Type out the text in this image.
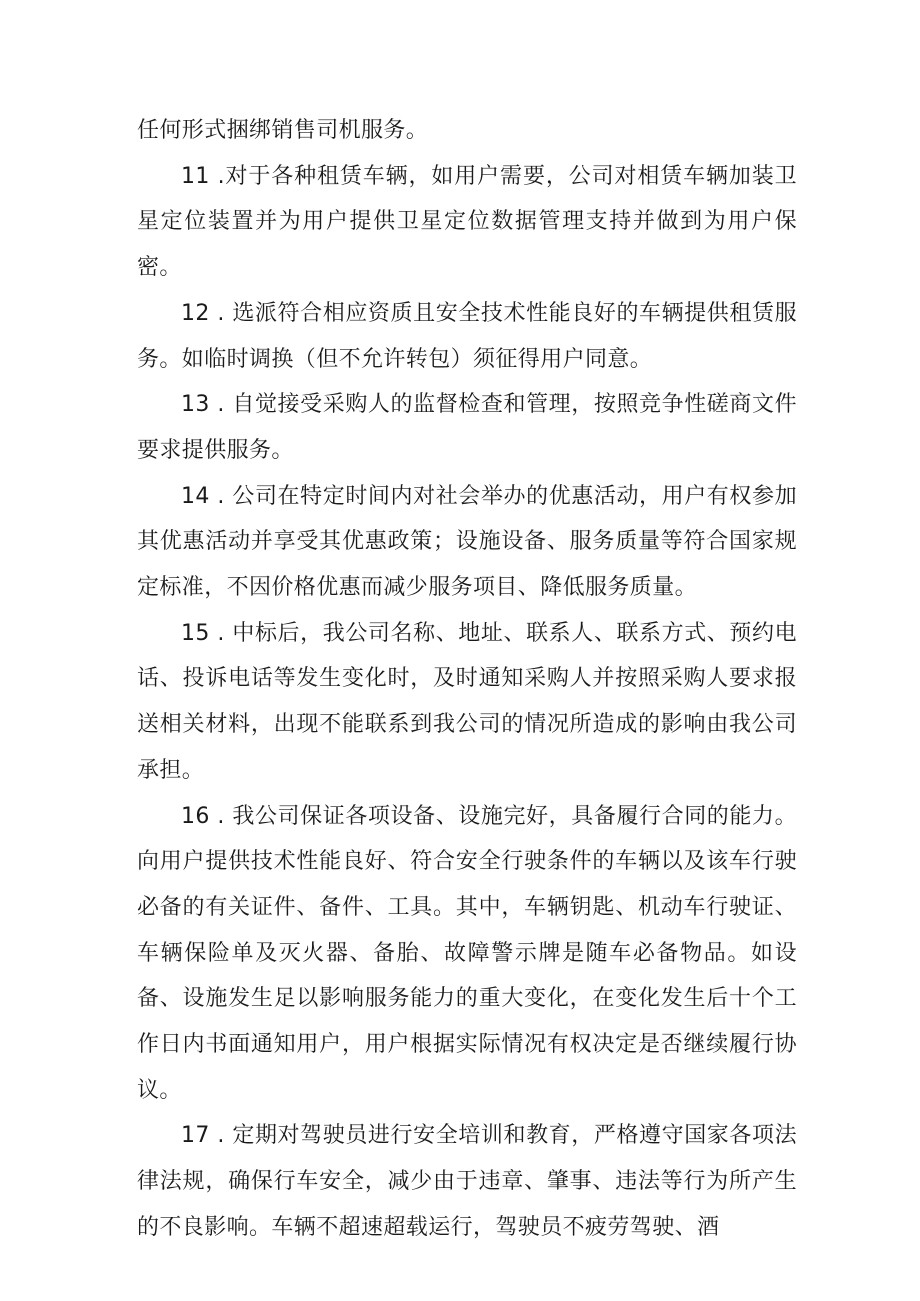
任何形式捆绑销售司机服务。

11 .对于各种租赁车辆，如用户需要，公司对相赁车辆加装卫星定位装置并为用户提供卫星定位数据管理支持并做到为用户保密。

12 . 选派符合相应资质且安全技术性能良好的车辆提供租赁服务。如临时调换（但不允许转包）须征得用户同意。

13 . 自觉接受采购人的监督检查和管理，按照竞争性磋商文件要求提供服务。

14 . 公司在特定时间内对社会举办的优惠活动，用户有权参加其优惠活动并享受其优惠政策；设施设备、服务质量等符合国家规定标准，不因价格优惠而减少服务项目、降低服务质量。

15 . 中标后，我公司名称、地址、联系人、联系方式、预约电话、投诉电话等发生变化时，及时通知采购人并按照采购人要求报送相关材料，出现不能联系到我公司的情况所造成的影响由我公司承担。

16 . 我公司保证各项设备、设施完好，具备履行合同的能力。向用户提供技术性能良好、符合安全行驶条件的车辆以及该车行驶必备的有关证件、备件、工具。其中，车辆钥匙、机动车行驶证、车辆保险单及灭火器、备胎、故障警示牌是随车必备物品。如设备、设施发生足以影响服务能力的重大变化，在变化发生后十个工作日内书面通知用户，用户根据实际情况有权决定是否继续履行协议。

17 . 定期对驾驶员进行安全培训和教育，严格遵守国家各项法律法规，确保行车安全，减少由于违章、肇事、违法等行为所产生的不良影响。车辆不超速超载运行，驾驶员不疲劳驾驶、酒
